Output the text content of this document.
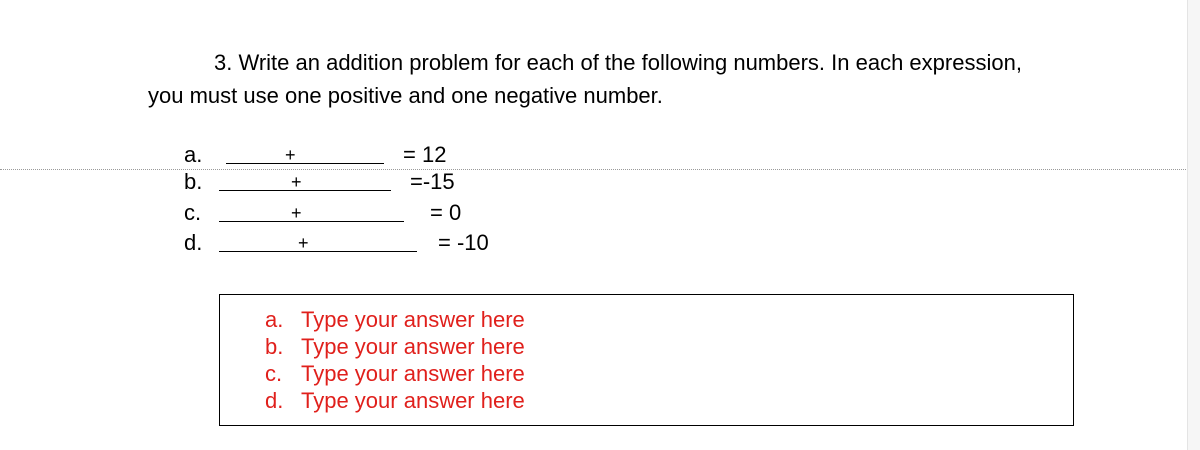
3. Write an addition problem for each of the following numbers. In each expression, you must use one positive and one negative number.

a.	+	= 12
b.	+	=-15
c.	+	= 0
d.	+	= -10
a. Type your answer here
b. Type your answer here
c. Type your answer here
d. Type your answer here
